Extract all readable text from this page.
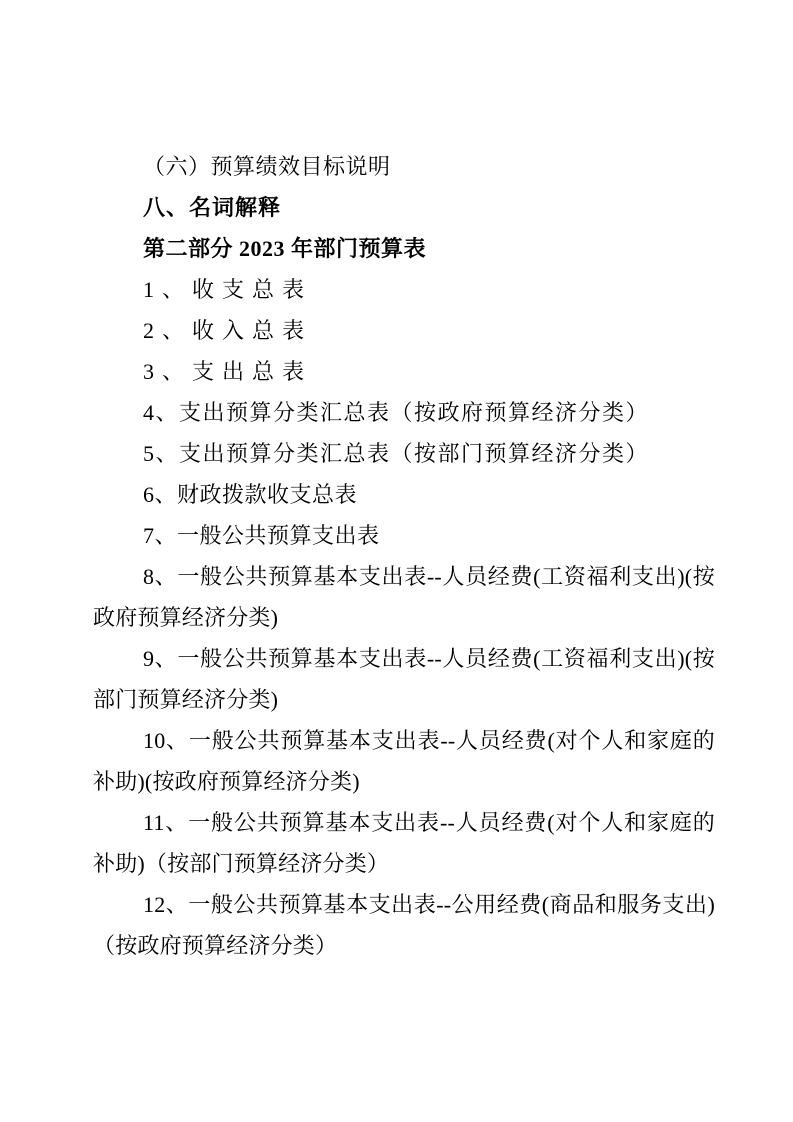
（六）预算绩效目标说明

八、名词解释

第二部分 2023 年部门预算表

1、收支总表

2、收入总表

3、支出总表

4、支出预算分类汇总表（按政府预算经济分类）

5、支出预算分类汇总表（按部门预算经济分类）

6、财政拨款收支总表

7、一般公共预算支出表

8、一般公共预算基本支出表--人员经费(工资福利支出)(按政府预算经济分类)

9、一般公共预算基本支出表--人员经费(工资福利支出)(按部门预算经济分类)

10、一般公共预算基本支出表--人员经费(对个人和家庭的补助)(按政府预算经济分类)

11、一般公共预算基本支出表--人员经费(对个人和家庭的补助)（按部门预算经济分类）

12、一般公共预算基本支出表--公用经费(商品和服务支出)（按政府预算经济分类）
